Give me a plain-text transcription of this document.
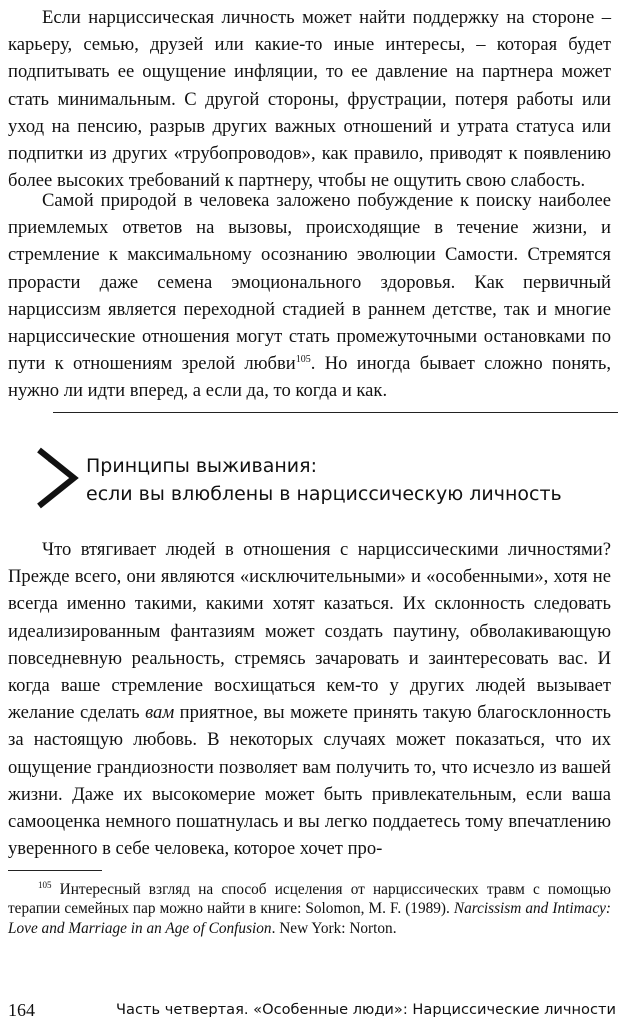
Если нарциссическая личность может найти поддержку на стороне – карьеру, семью, друзей или какие-то иные интересы, – которая будет подпитывать ее ощущение инфляции, то ее давление на партнера может стать минимальным. С другой стороны, фрустрации, потеря работы или уход на пенсию, разрыв других важных отношений и утрата статуса или подпитки из других «трубопроводов», как правило, приводят к появлению более высоких требований к партнеру, чтобы не ощутить свою слабость.

Самой природой в человека заложено побуждение к поиску наиболее приемлемых ответов на вызовы, происходящие в течение жизни, и стремление к максимальному осознанию эволюции Самости. Стремятся прорасти даже семена эмоционального здоровья. Как первичный нарциссизм является переходной стадией в раннем детстве, так и многие нарциссические отношения могут стать промежуточными остановками по пути к отношениям зрелой любви$^{105}$. Но иногда бывает сложно понять, нужно ли идти вперед, а если да, то когда и как.

Принципы выживания:
если вы влюблены в нарциссическую личность

Что втягивает людей в отношения с нарциссическими личностями? Прежде всего, они являются «исключительными» и «особенными», хотя не всегда именно такими, какими хотят казаться. Их склонность следовать идеализированным фантазиям может создать паутину, обволакивающую повседневную реальность, стремясь зачаровать и заинтересовать вас. И когда ваше стремление восхищаться кем-то у других людей вызывает желание сделать вам приятное, вы можете принять такую благосклонность за настоящую любовь. В некоторых случаях может показаться, что их ощущение грандиозности позволяет вам получить то, что исчезло из вашей жизни. Даже их высокомерие может быть привлекательным, если ваша самооценка немного пошатнулась и вы легко поддаетесь тому впечатлению уверенного в себе человека, которое хочет про-

$^{105}$ Интересный взгляд на способ исцеления от нарциссических травм с помощью терапии семейных пар можно найти в книге: Solomon, M. F. (1989). Narcissism and Intimacy: Love and Marriage in an Age of Confusion. New York: Norton.

164	Часть четвертая. «Особенные люди»: Нарциссические личности
